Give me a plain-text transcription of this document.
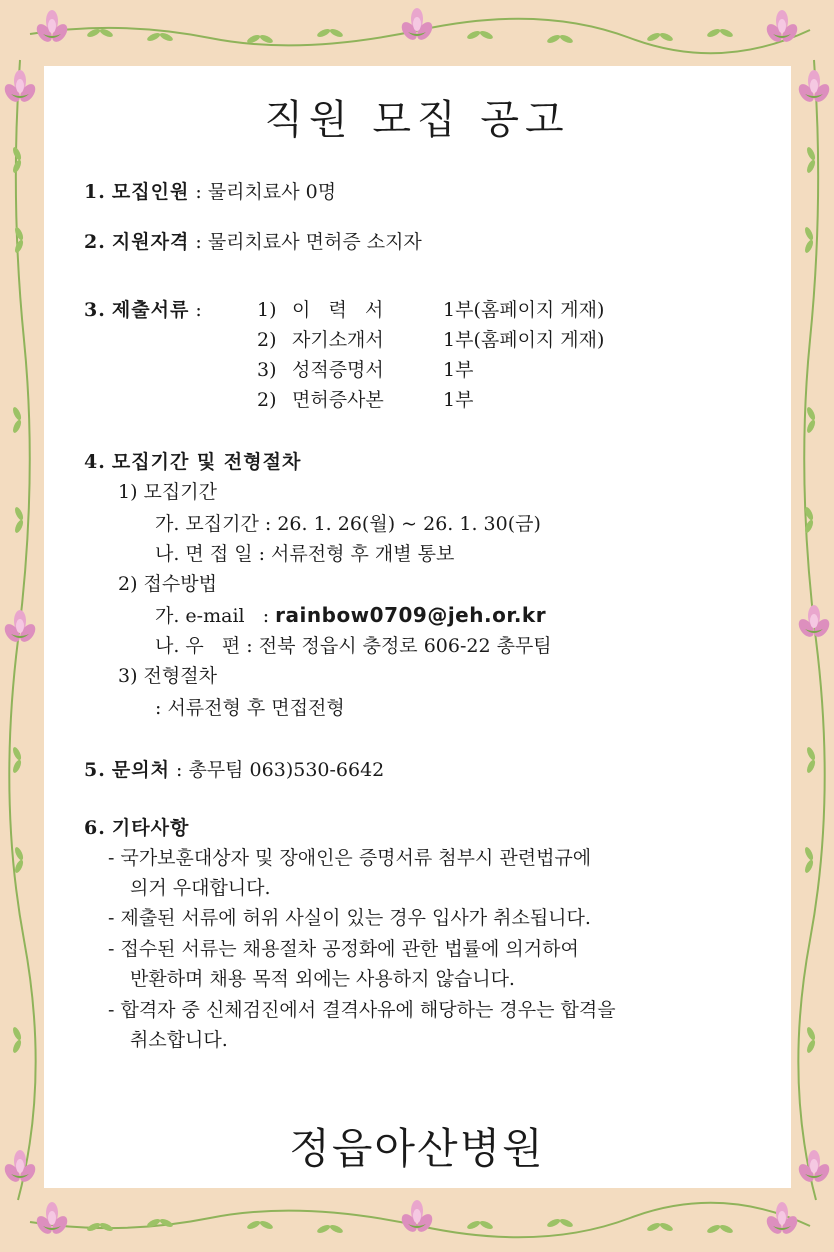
직원 모집 공고
1. 모집인원 : 물리치료사 0명
2. 지원자격 : 물리치료사 면허증 소지자
3. 제출서류 :	1) 이   력   서	1부(홈페이지 게재)
2) 자기소개서	1부(홈페이지 게재)
3) 성적증명서	1부
2) 면허증사본	1부
4. 모집기간 및 전형절차
1) 모집기간
가. 모집기간 : 26. 1. 26(월) ~ 26. 1. 30(금)
나. 면 접 일 : 서류전형 후 개별 통보
2) 접수방법
가. e-mail   : rainbow0709@jeh.or.kr
나. 우   편 : 전북 정읍시 충정로 606-22 총무팀
3) 전형절차
: 서류전형 후 면접전형
5. 문의처 : 총무팀 063)530-6642
6. 기타사항
- 국가보훈대상자 및 장애인은 증명서류 첨부시 관련법규에
의거 우대합니다.
- 제출된 서류에 허위 사실이 있는 경우 입사가 취소됩니다.
- 접수된 서류는 채용절차 공정화에 관한 법률에 의거하여
반환하며 채용 목적 외에는 사용하지 않습니다.
- 합격자 중 신체검진에서 결격사유에 해당하는 경우는 합격을
취소합니다.
정읍아산병원
